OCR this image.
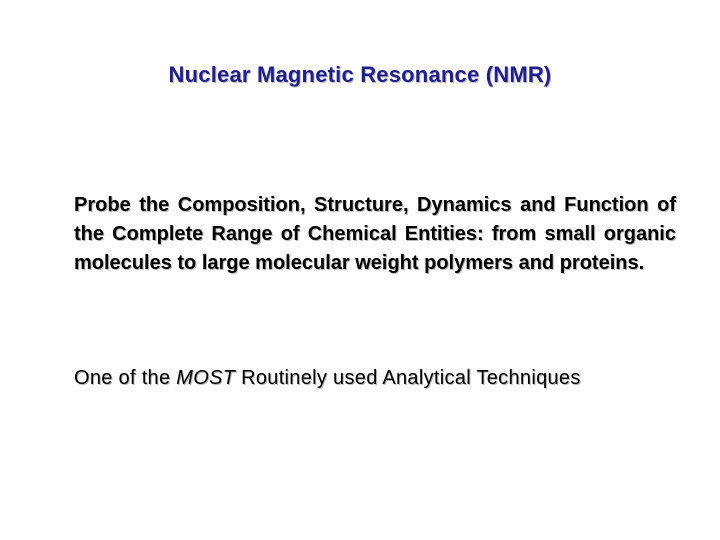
Nuclear Magnetic Resonance (NMR)
Probe the Composition, Structure, Dynamics and Function of the Complete Range of Chemical Entities: from small organic molecules to large molecular weight polymers and proteins.
One of the MOST Routinely used Analytical Techniques
